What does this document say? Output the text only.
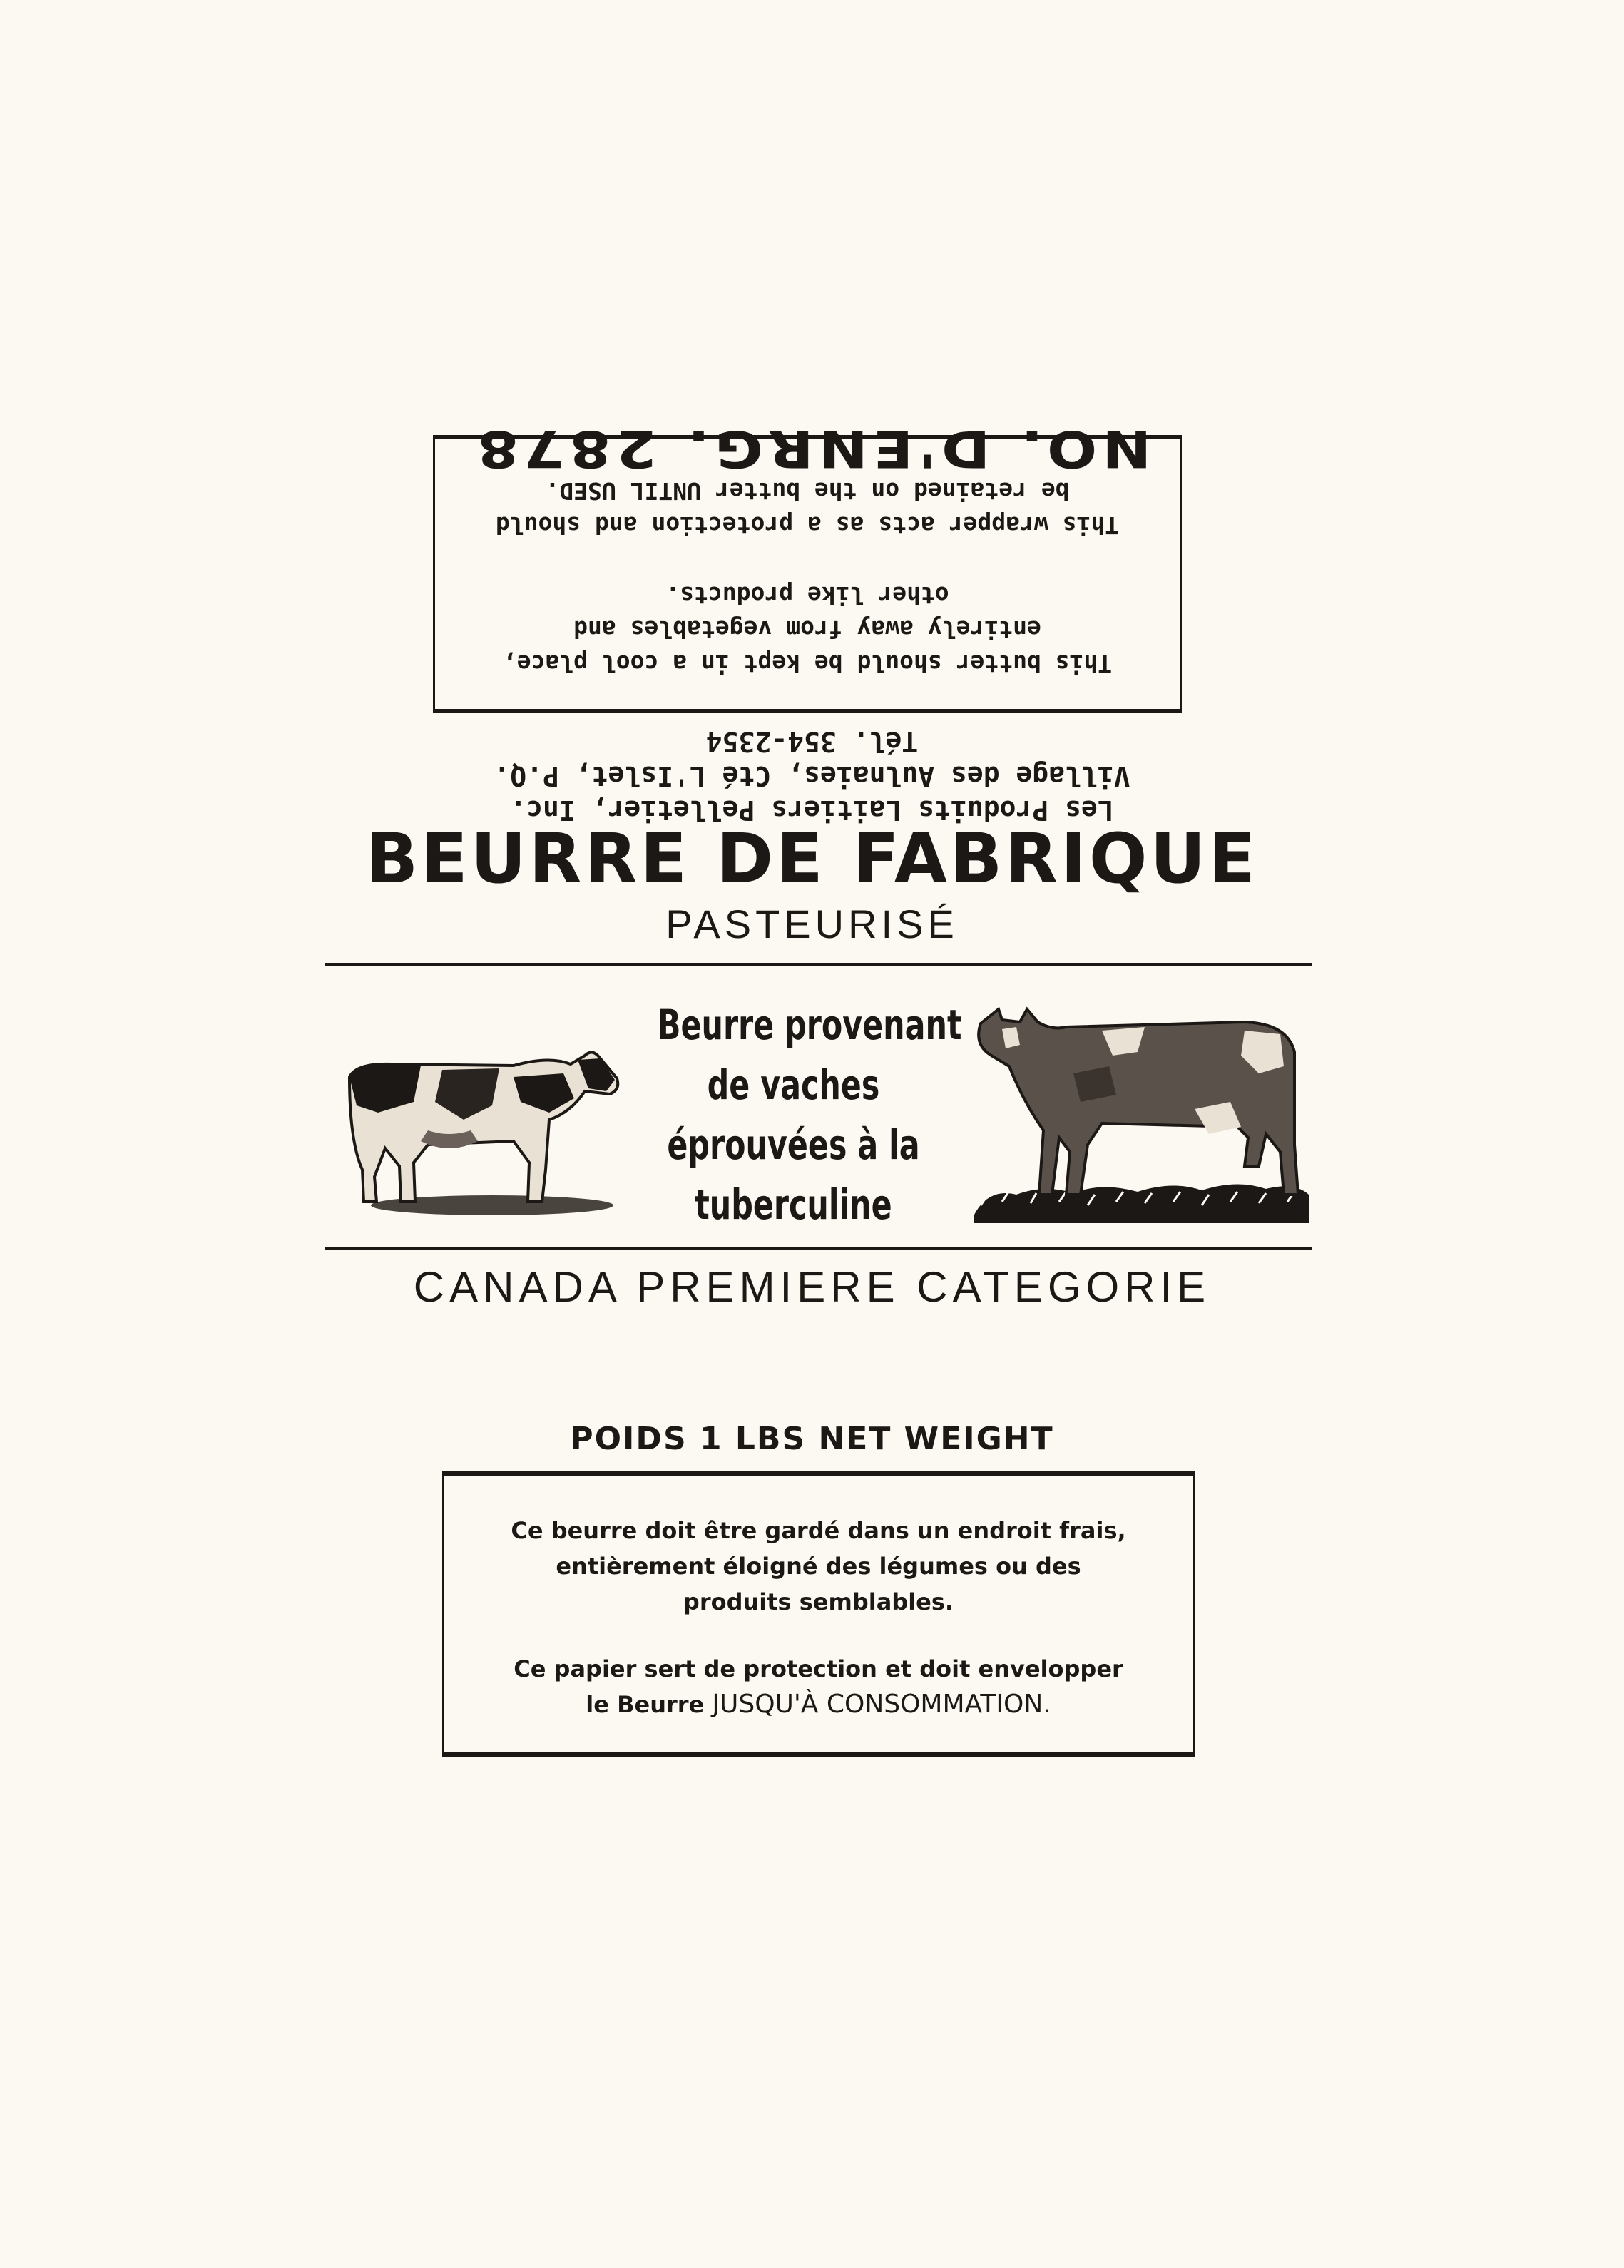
NO. D'ENRG. 2878

This butter should be kept in a cool place,
entirely away from vegetables and
other like products.

This wrapper acts as a protection and should
be retained on the butter UNTIL USED.

Les Produits Laitiers Pelletier, Inc.
Village des Aulnaies, Cté L'Islet, P.Q.
Tél. 354-2354
BEURRE DE FABRIQUE
PASTEURISÉ
Beurre provenant
de vaches
éprouvées à la
tuberculine
CANADA PREMIERE CATEGORIE
POIDS 1 LBS NET WEIGHT

Ce beurre doit être gardé dans un endroit frais,
entièrement éloigné des légumes ou des
produits semblables.

Ce papier sert de protection et doit envelopper
le Beurre JUSQU'À CONSOMMATION.
